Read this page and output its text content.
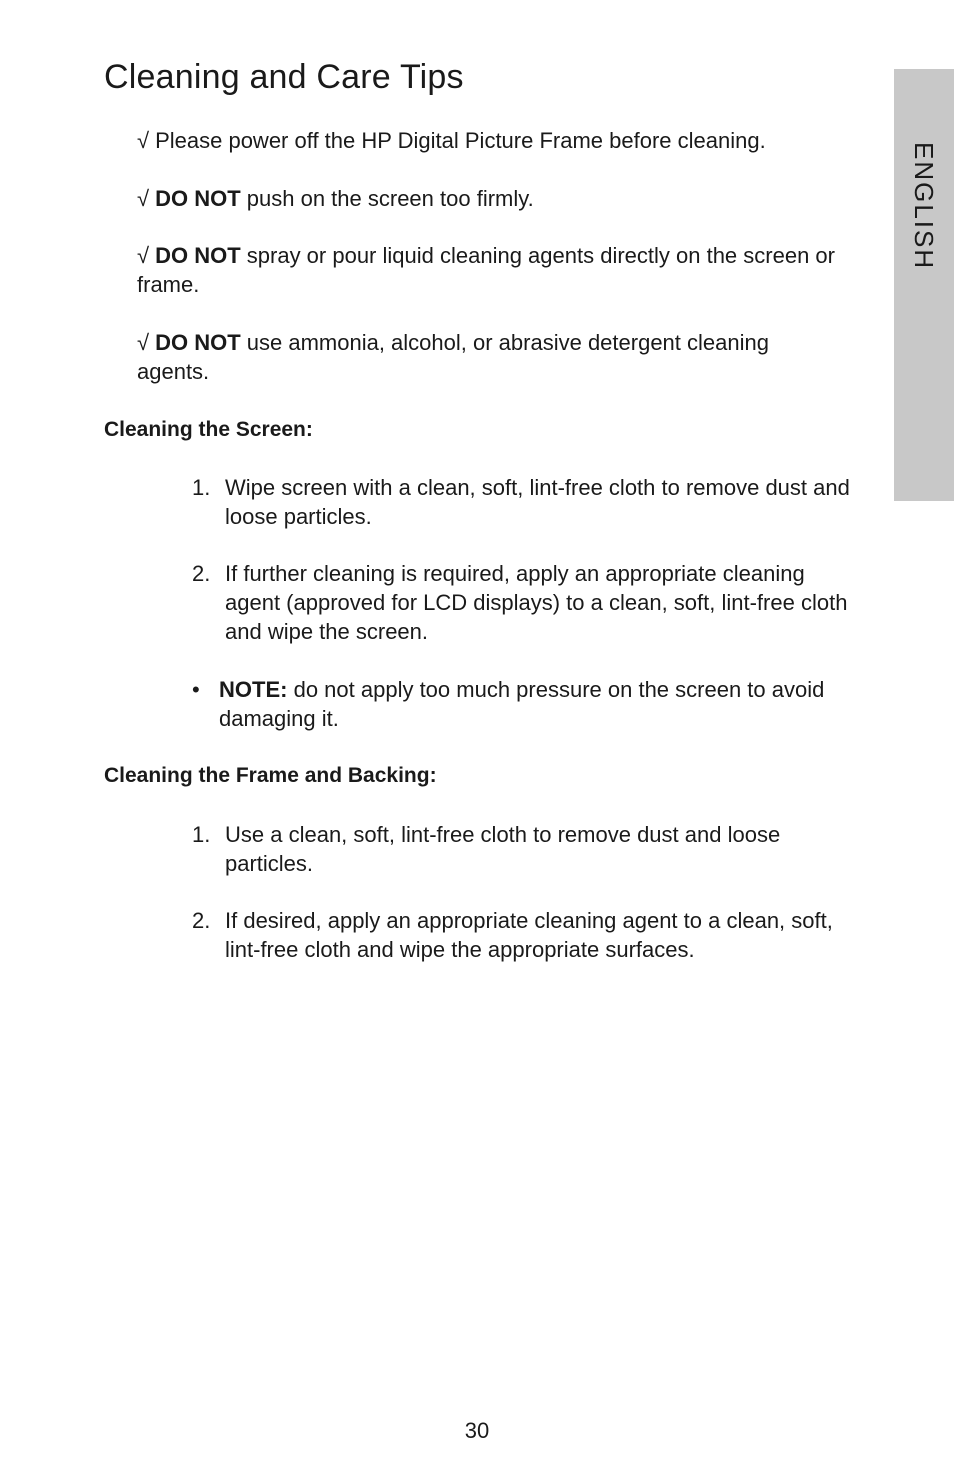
Cleaning and Care Tips
ENGLISH

√ Please power off the HP Digital Picture Frame before cleaning.

√ DO NOT push on the screen too firmly.

√ DO NOT spray or pour liquid cleaning agents directly on the screen or frame.

√ DO NOT use ammonia, alcohol, or abrasive detergent cleaning agents.

Cleaning the Screen:
1. Wipe screen with a clean, soft, lint-free cloth to remove dust and loose particles.
2. If further cleaning is required, apply an appropriate cleaning agent (approved for LCD displays) to a clean, soft, lint-free cloth and wipe the screen.
• NOTE: do not apply too much pressure on the screen to avoid damaging it.
Cleaning the Frame and Backing:
1. Use a clean, soft, lint-free cloth to remove dust and loose particles.
2. If desired, apply an appropriate cleaning agent to a clean, soft, lint-free cloth and wipe the appropriate surfaces.
30
